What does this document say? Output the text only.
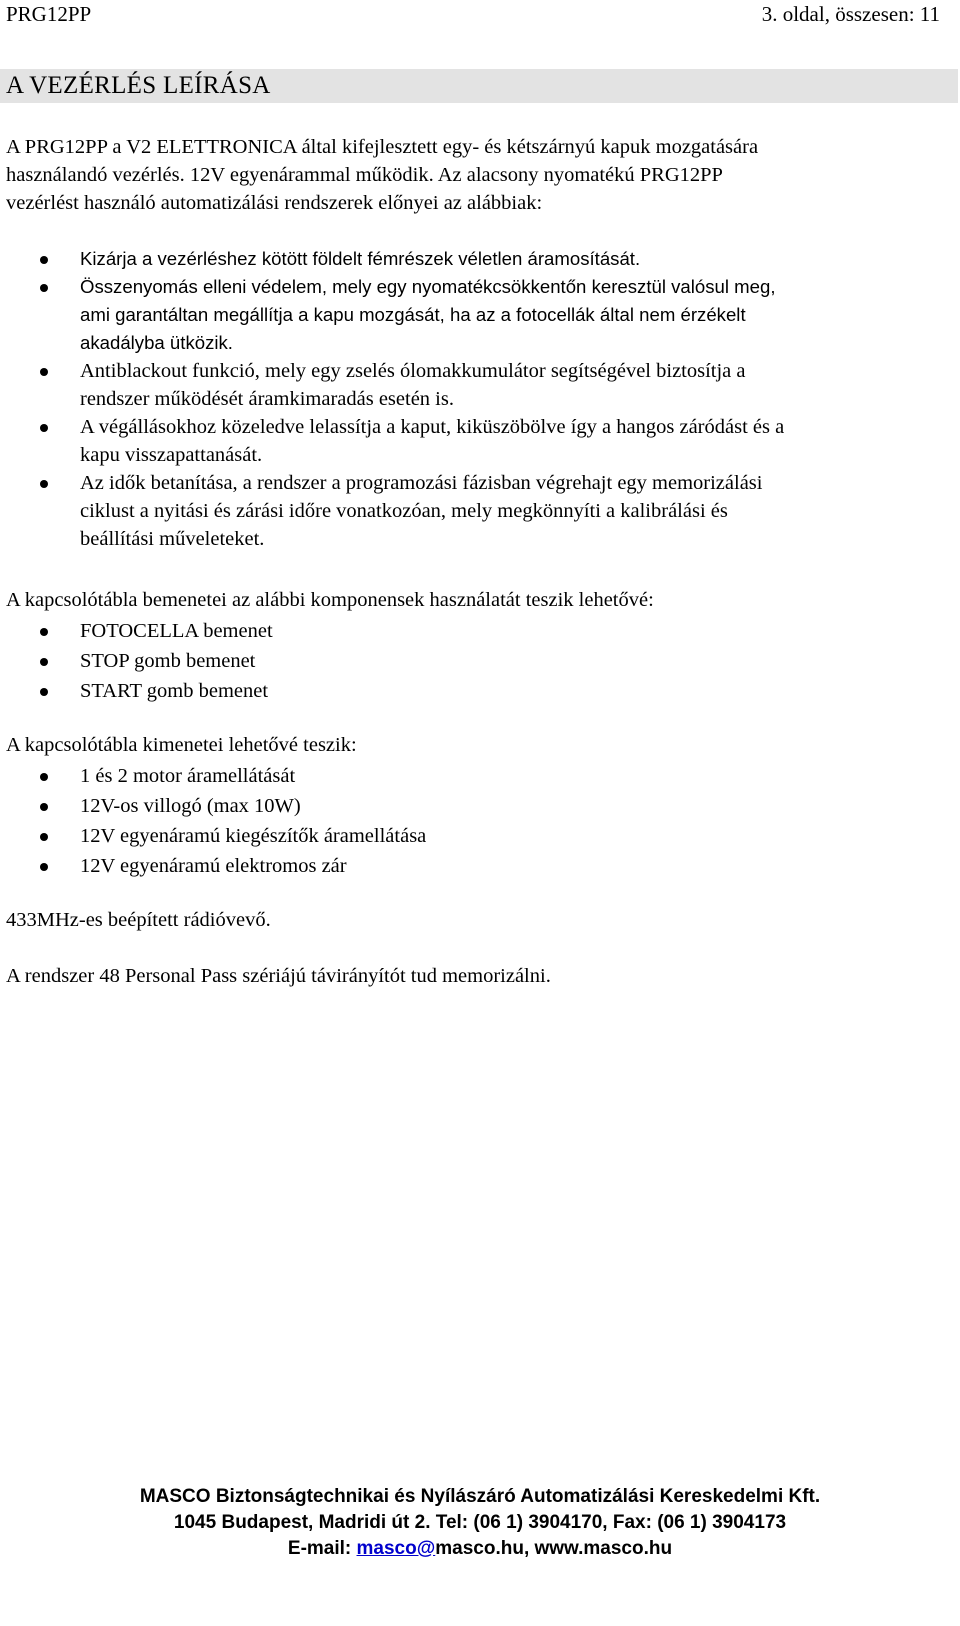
PRG12PP	3. oldal, összesen: 11
A VEZÉRLÉS LEÍRÁSA

A PRG12PP a V2 ELETTRONICA által kifejlesztett egy- és kétszárnyú kapuk mozgatására

használandó vezérlés. 12V egyenárammal működik. Az alacsony nyomatékú PRG12PP

vezérlést használó automatizálási rendszerek előnyei az alábbiak:

Kizárja a vezérléshez kötött földelt fémrészek véletlen áramosítását.
Összenyomás elleni védelem, mely egy nyomatékcsökkentőn keresztül valósul meg,
ami garantáltan megállítja a kapu mozgását, ha az a fotocellák által nem érzékelt
akadályba ütközik.
Antiblackout funkció, mely egy zselés ólomakkumulátor segítségével biztosítja a
rendszer működését áramkimaradás esetén is.
A végállásokhoz közeledve lelassítja a kaput, kiküszöbölve így a hangos záródást és a
kapu visszapattanását.
Az idők betanítása, a rendszer a programozási fázisban végrehajt egy memorizálási
ciklust a nyitási és zárási időre vonatkozóan, mely megkönnyíti a kalibrálási és
beállítási műveleteket.
A kapcsolótábla bemenetei az alábbi komponensek használatát teszik lehetővé:
FOTOCELLA bemenet
STOP gomb bemenet
START gomb bemenet
A kapcsolótábla kimenetei lehetővé teszik:
1 és 2 motor áramellátását
12V-os villogó (max 10W)
12V egyenáramú kiegészítők áramellátása
12V egyenáramú elektromos zár
433MHz-es beépített rádióvevő.
A rendszer 48 Personal Pass szériájú távirányítót tud memorizálni.
MASCO Biztonságtechnikai és Nyílászáró Automatizálási Kereskedelmi Kft.
1045 Budapest, Madridi út 2. Tel: (06 1) 3904170, Fax: (06 1) 3904173
E-mail: masco@masco.hu, www.masco.hu
